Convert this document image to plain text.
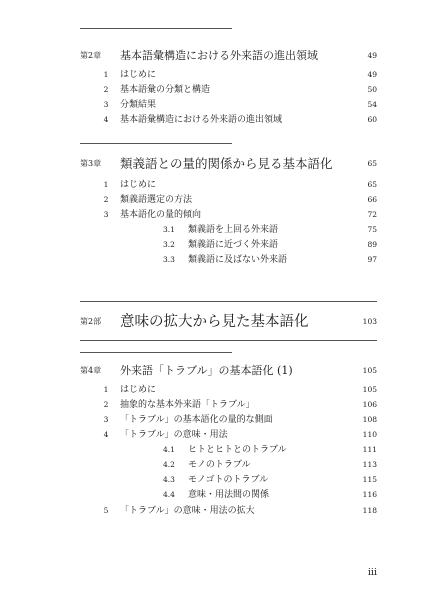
第2章 基本語彙構造における外来語の進出領域	49
1	はじめに	49
2	基本語彙の分類と構造	50
3	分類結果	54
4	基本語彙構造における外来語の進出領域	60
第3章 類義語との量的関係から見る基本語化	65
1	はじめに	65
2	類義語選定の方法	66
3	基本語化の量的傾向	72
3.1	類義語を上回る外来語	75
3.2	類義語に近づく外来語	89
3.3	類義語に及ばない外来語	97
第2部 意味の拡大から見た基本語化	103
第4章 外来語「トラブル」の基本語化 (1)	105
1	はじめに	105
2	抽象的な基本外来語「トラブル」	106
3	「トラブル」の基本語化の量的な側面	108
4	「トラブル」の意味・用法	110
4.1	ヒトとヒトとのトラブル	111
4.2	モノのトラブル	113
4.3	モノゴトのトラブル	115
4.4	意味・用法間の関係	116
5	「トラブル」の意味・用法の拡大	118
iii
